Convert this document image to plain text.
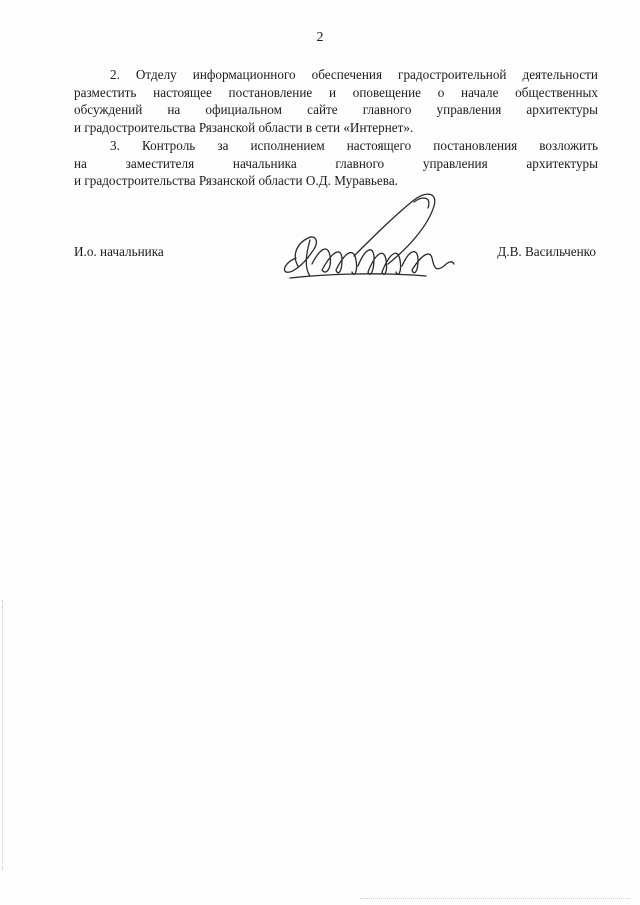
2
2. Отделу информационного обеспечения градостроительной деятельности
разместить настоящее постановление и оповещение о начале общественных
обсуждений на официальном сайте главного управления архитектуры
и градостроительства Рязанской области в сети «Интернет».
3. Контроль за исполнением настоящего постановления возложить
на заместителя начальника главного управления архитектуры
и градостроительства Рязанской области О.Д. Муравьева.
И.о. начальника	Д.В. Васильченко
